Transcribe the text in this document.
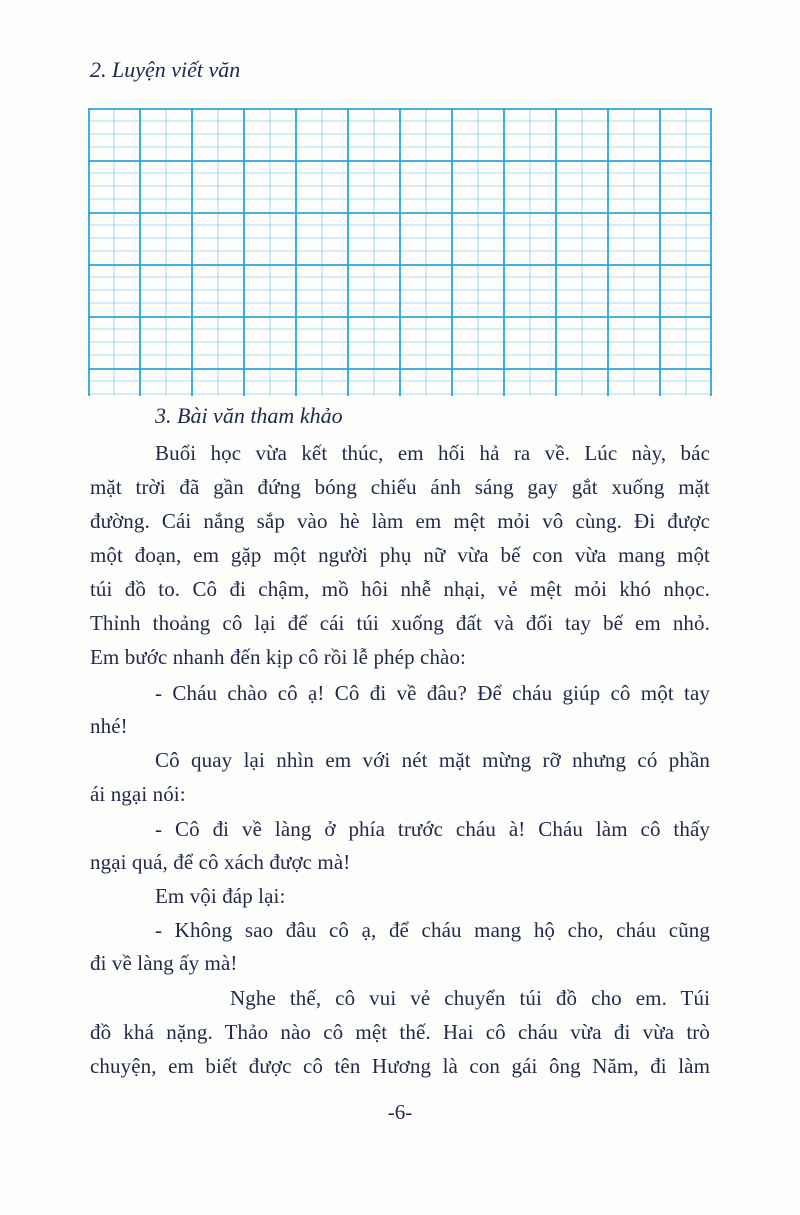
2. Luyện viết văn
3. Bài văn tham khảo
Buổi học vừa kết thúc, em hối hả ra về. Lúc này, bác
mặt trời đã gần đứng bóng chiếu ánh sáng gay gắt xuống mặt
đường. Cái nắng sắp vào hè làm em mệt mỏi vô cùng. Đi được
một đoạn, em gặp một người phụ nữ vừa bế con vừa mang một
túi đồ to. Cô đi chậm, mồ hôi nhễ nhại, vẻ mệt mỏi khó nhọc.
Thỉnh thoảng cô lại để cái túi xuống đất và đổi tay bế em nhỏ.
Em bước nhanh đến kịp cô rồi lễ phép chào:
- Cháu chào cô ạ! Cô đi về đâu? Để cháu giúp cô một tay
nhé!
Cô quay lại nhìn em với nét mặt mừng rỡ nhưng có phần
ái ngại nói:
- Cô đi về làng ở phía trước cháu à! Cháu làm cô thấy
ngại quá, để cô xách được mà!
Em vội đáp lại:
- Không sao đâu cô ạ, để cháu mang hộ cho, cháu cũng
đi về làng ấy mà!
Nghe thế, cô vui vẻ chuyển túi đồ cho em. Túi
đồ khá nặng. Thảo nào cô mệt thế. Hai cô cháu vừa đi vừa trò
chuyện, em biết được cô tên Hương là con gái ông Năm, đi làm
-6-
